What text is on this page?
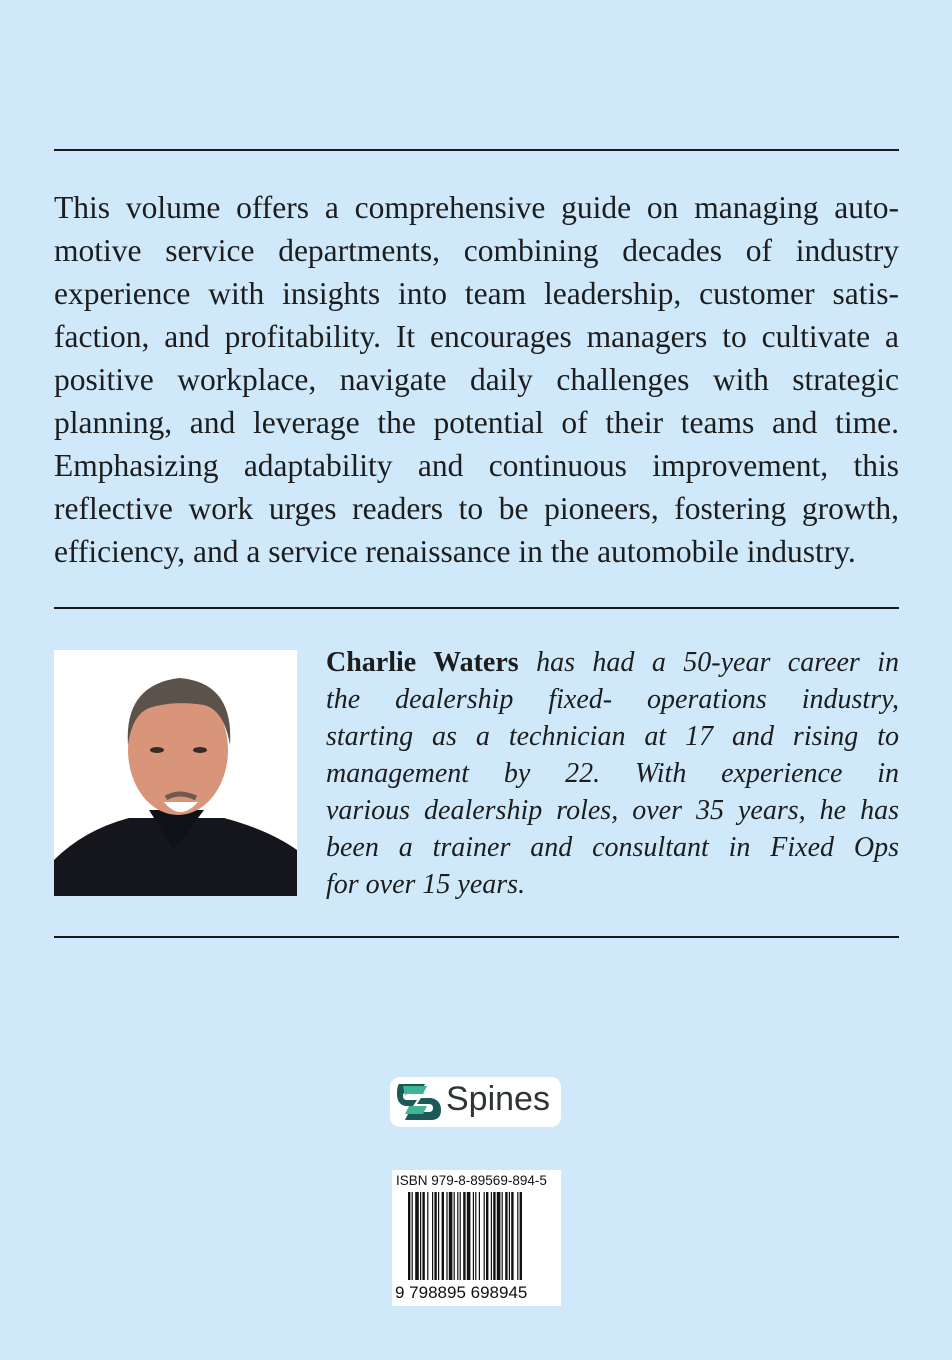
This volume offers a comprehensive guide on managing auto-
motive service departments, combining decades of industry
experience with insights into team leadership, customer satis-
faction, and profitability. It encourages managers to cultivate a
positive workplace, navigate daily challenges with strategic
planning, and leverage the potential of their teams and time.
Emphasizing adaptability and continuous improvement, this
reflective work urges readers to be pioneers, fostering growth,
efficiency, and a service renaissance in the automobile industry.
Charlie Waters has had a 50-year career in
the dealership fixed- operations industry,
starting as a technician at 17 and rising to
management by 22. With experience in
various dealership roles, over 35 years, he has
been a trainer and consultant in Fixed Ops
for over 15 years.
Spines
ISBN 979-8-89569-894-5
9 798895 698945
